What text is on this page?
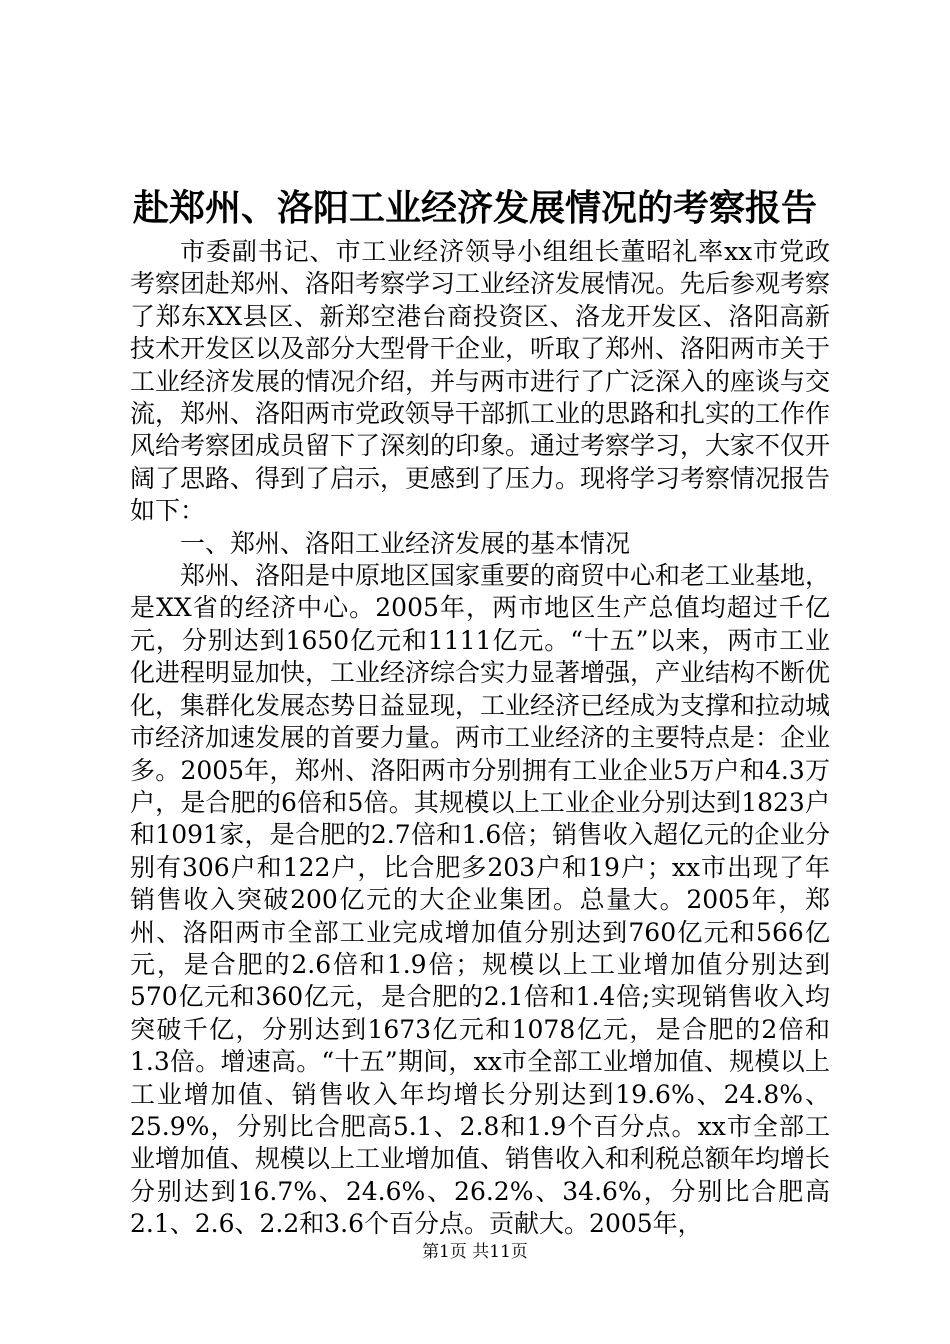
赴郑州、洛阳工业经济发展情况的考察报告

市委副书记、市工业经济领导小组组长董昭礼率xx市党政考察团赴郑州、洛阳考察学习工业经济发展情况。先后参观考察了郑东XX县区、新郑空港台商投资区、洛龙开发区、洛阳高新技术开发区以及部分大型骨干企业，听取了郑州、洛阳两市关于工业经济发展的情况介绍，并与两市进行了广泛深入的座谈与交流，郑州、洛阳两市党政领导干部抓工业的思路和扎实的工作作风给考察团成员留下了深刻的印象。通过考察学习，大家不仅开阔了思路、得到了启示，更感到了压力。现将学习考察情况报告如下：

一、郑州、洛阳工业经济发展的基本情况

郑州、洛阳是中原地区国家重要的商贸中心和老工业基地，是XX省的经济中心。2005年，两市地区生产总值均超过千亿元，分别达到1650亿元和1111亿元。“十五”以来，两市工业化进程明显加快，工业经济综合实力显著增强，产业结构不断优化，集群化发展态势日益显现，工业经济已经成为支撑和拉动城市经济加速发展的首要力量。两市工业经济的主要特点是：企业多。2005年，郑州、洛阳两市分别拥有工业企业5万户和4.3万户，是合肥的6倍和5倍。其规模以上工业企业分别达到1823户和1091家，是合肥的2.7倍和1.6倍；销售收入超亿元的企业分别有306户和122户，比合肥多203户和19户；xx市出现了年销售收入突破200亿元的大企业集团。总量大。2005年，郑州、洛阳两市全部工业完成增加值分别达到760亿元和566亿元，是合肥的2.6倍和1.9倍；规模以上工业增加值分别达到570亿元和360亿元，是合肥的2.1倍和1.4倍;实现销售收入均突破千亿，分别达到1673亿元和1078亿元，是合肥的2倍和1.3倍。增速高。“十五”期间，xx市全部工业增加值、规模以上工业增加值、销售收入年均增长分别达到19.6%、24.8%、25.9%，分别比合肥高5.1、2.8和1.9个百分点。xx市全部工业增加值、规模以上工业增加值、销售收入和利税总额年均增长分别达到16.7%、24.6%、26.2%、34.6%，分别比合肥高2.1、2.6、2.2和3.6个百分点。贡献大。2005年，

第1页 共11页
